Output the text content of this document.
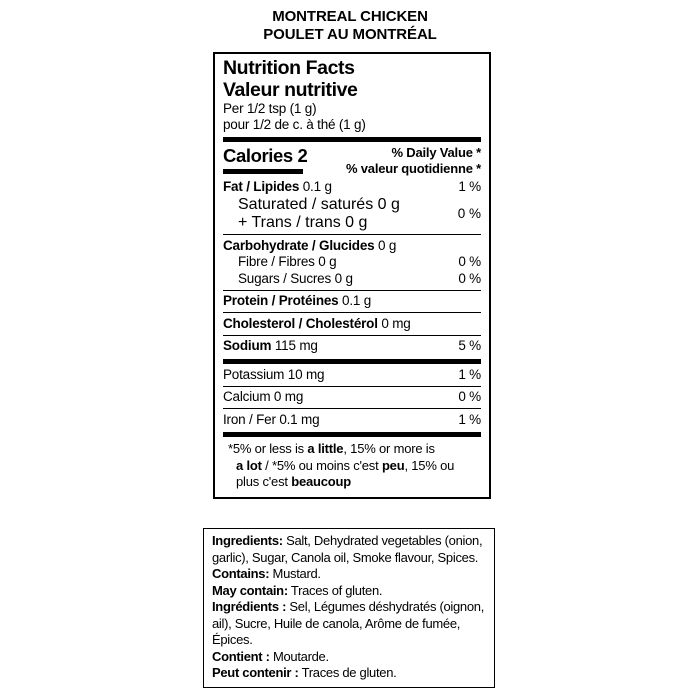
MONTREAL CHICKEN
POULET AU MONTRÉAL
Nutrition Facts
Valeur nutritive
Per 1/2 tsp (1 g)
pour 1/2 de c. à thé (1 g)
Calories 2	% Daily Value *
% valeur quotidienne *
Fat / Lipides 0.1 g	1 %
Saturated / saturés 0 g
+ Trans / trans 0 g	0 %
Carbohydrate / Glucides 0 g
Fibre / Fibres 0 g	0 %
Sugars / Sucres 0 g	0 %
Protein / Protéines 0.1 g
Cholesterol / Cholestérol 0 mg
Sodium 115 mg	5 %
Potassium 10 mg	1 %
Calcium 0 mg	0 %
Iron / Fer 0.1 mg	1 %
*5% or less is a little, 15% or more is
a lot / *5% ou moins c'est peu, 15% ou
plus c'est beaucoup

Ingredients: Salt, Dehydrated vegetables (onion, garlic), Sugar, Canola oil, Smoke flavour, Spices.

Contains: Mustard.

May contain: Traces of gluten.

Ingrédients : Sel, Légumes déshydratés (oignon, ail), Sucre, Huile de canola, Arôme de fumée, Épices.

Contient : Moutarde.

Peut contenir : Traces de gluten.
